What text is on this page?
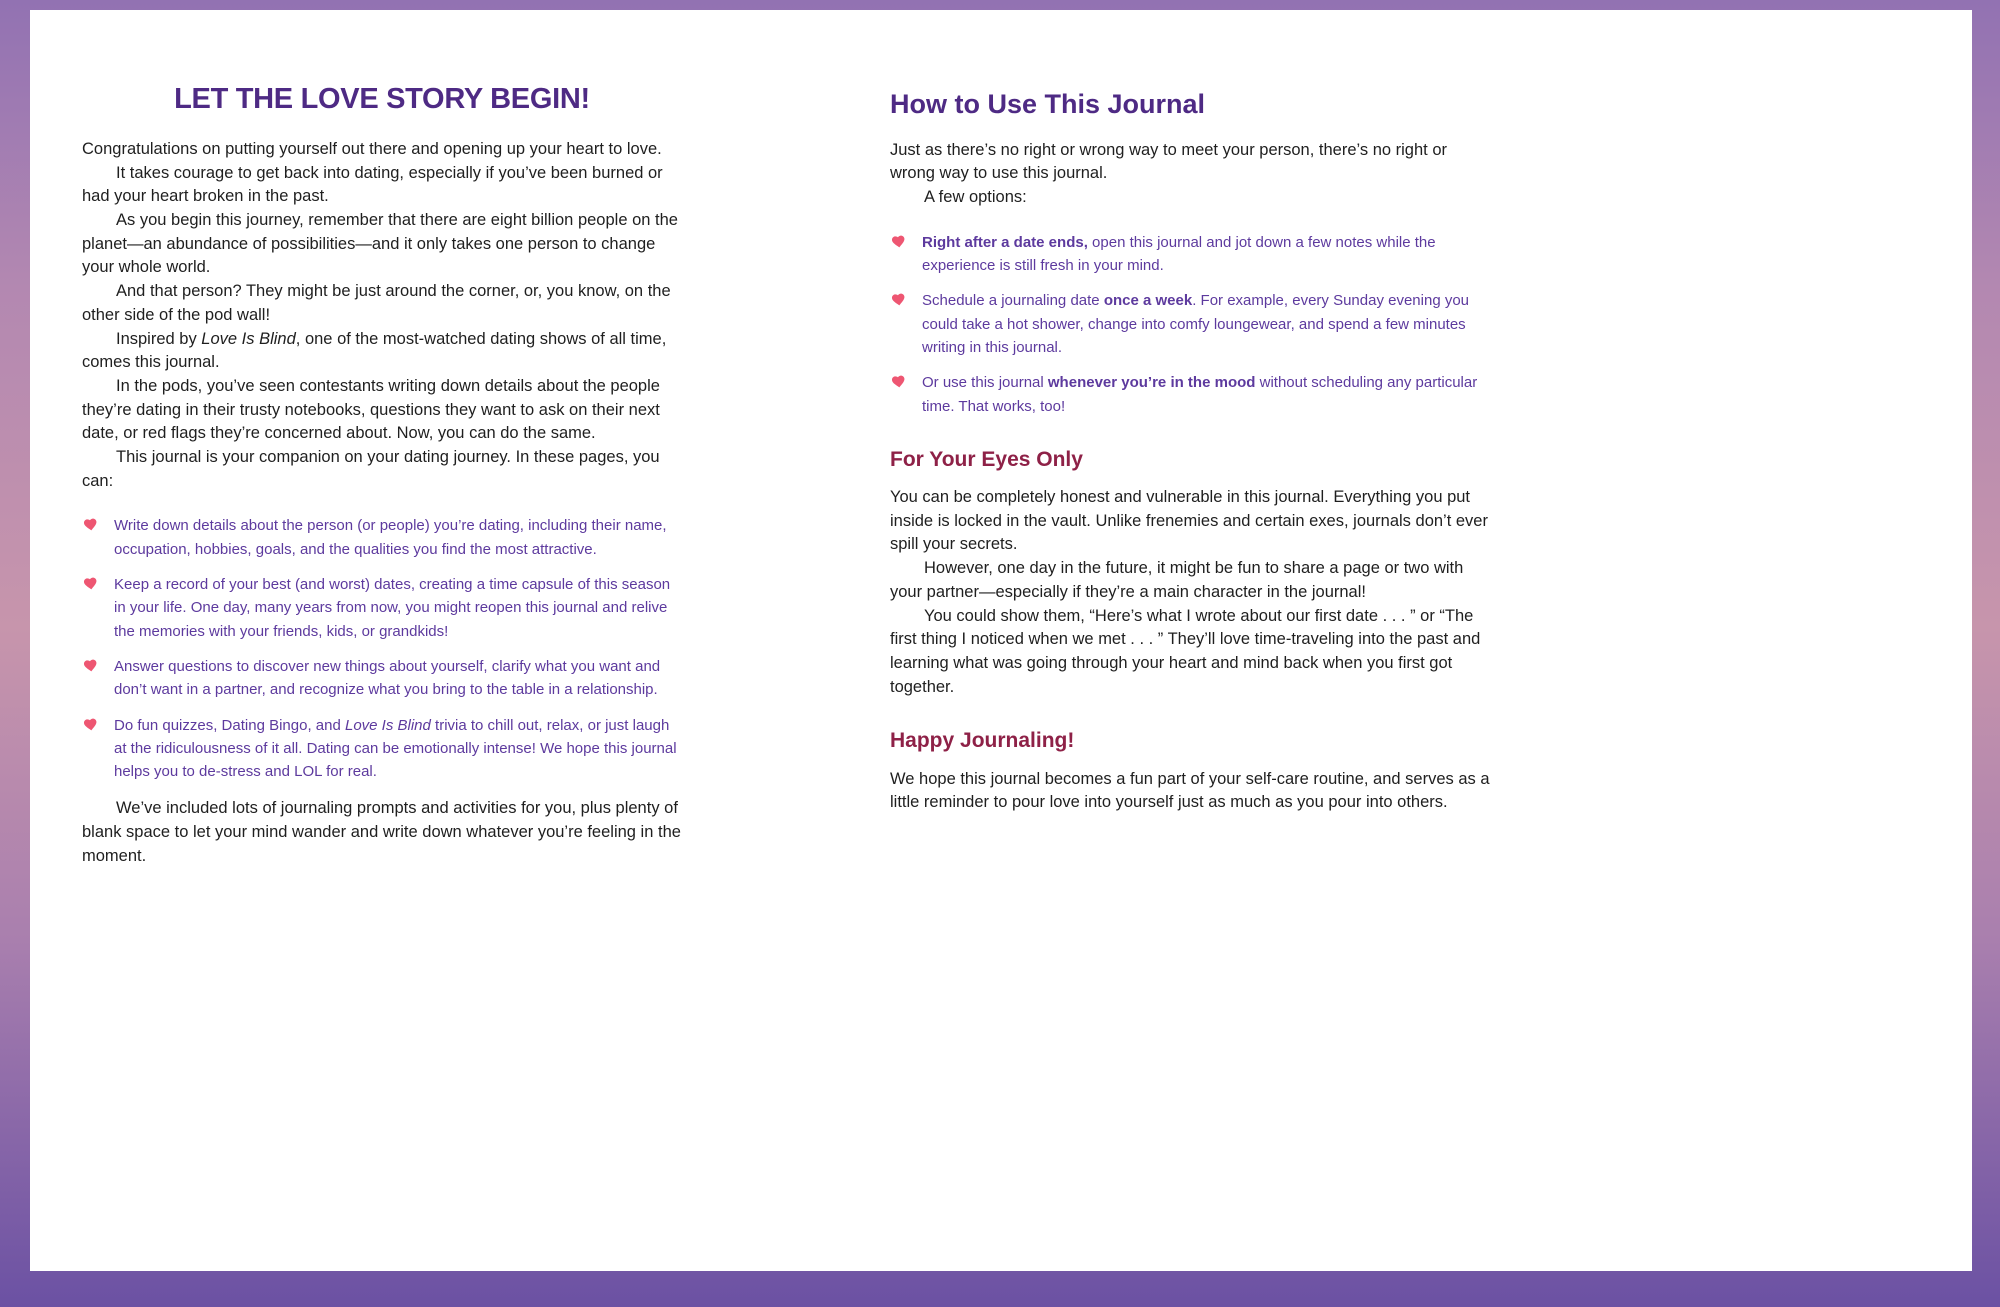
LET THE LOVE STORY BEGIN!

Congratulations on putting yourself out there and opening up your heart to love.

It takes courage to get back into dating, especially if you’ve been burned or had your heart broken in the past.

As you begin this journey, remember that there are eight billion people on the planet—an abundance of possibilities—and it only takes one person to change your whole world.

And that person? They might be just around the corner, or, you know, on the other side of the pod wall!

Inspired by Love Is Blind, one of the most-watched dating shows of all time, comes this journal.

In the pods, you’ve seen contestants writing down details about the people they’re dating in their trusty notebooks, questions they want to ask on their next date, or red flags they’re concerned about. Now, you can do the same.

This journal is your companion on your dating journey. In these pages, you can:

Write down details about the person (or people) you’re dating, including their name, occupation, hobbies, goals, and the qualities you find the most attractive.

Keep a record of your best (and worst) dates, creating a time capsule of this season in your life. One day, many years from now, you might reopen this journal and relive the memories with your friends, kids, or grandkids!

Answer questions to discover new things about yourself, clarify what you want and don’t want in a partner, and recognize what you bring to the table in a relationship.

Do fun quizzes, Dating Bingo, and Love Is Blind trivia to chill out, relax, or just laugh at the ridiculousness of it all. Dating can be emotionally intense! We hope this journal helps you to de-stress and LOL for real.

We’ve included lots of journaling prompts and activities for you, plus plenty of blank space to let your mind wander and write down whatever you’re feeling in the moment.

How to Use This Journal

Just as there’s no right or wrong way to meet your person, there’s no right or wrong way to use this journal.

A few options:

Right after a date ends, open this journal and jot down a few notes while the experience is still fresh in your mind.

Schedule a journaling date once a week. For example, every Sunday evening you could take a hot shower, change into comfy loungewear, and spend a few minutes writing in this journal.

Or use this journal whenever you’re in the mood without scheduling any particular time. That works, too!

For Your Eyes Only

You can be completely honest and vulnerable in this journal. Everything you put inside is locked in the vault. Unlike frenemies and certain exes, journals don’t ever spill your secrets.

However, one day in the future, it might be fun to share a page or two with your partner—especially if they’re a main character in the journal!

You could show them, “Here’s what I wrote about our first date . . . ” or “The first thing I noticed when we met . . . ” They’ll love time-traveling into the past and learning what was going through your heart and mind back when you first got together.

Happy Journaling!

We hope this journal becomes a fun part of your self-care routine, and serves as a little reminder to pour love into yourself just as much as you pour into others.
